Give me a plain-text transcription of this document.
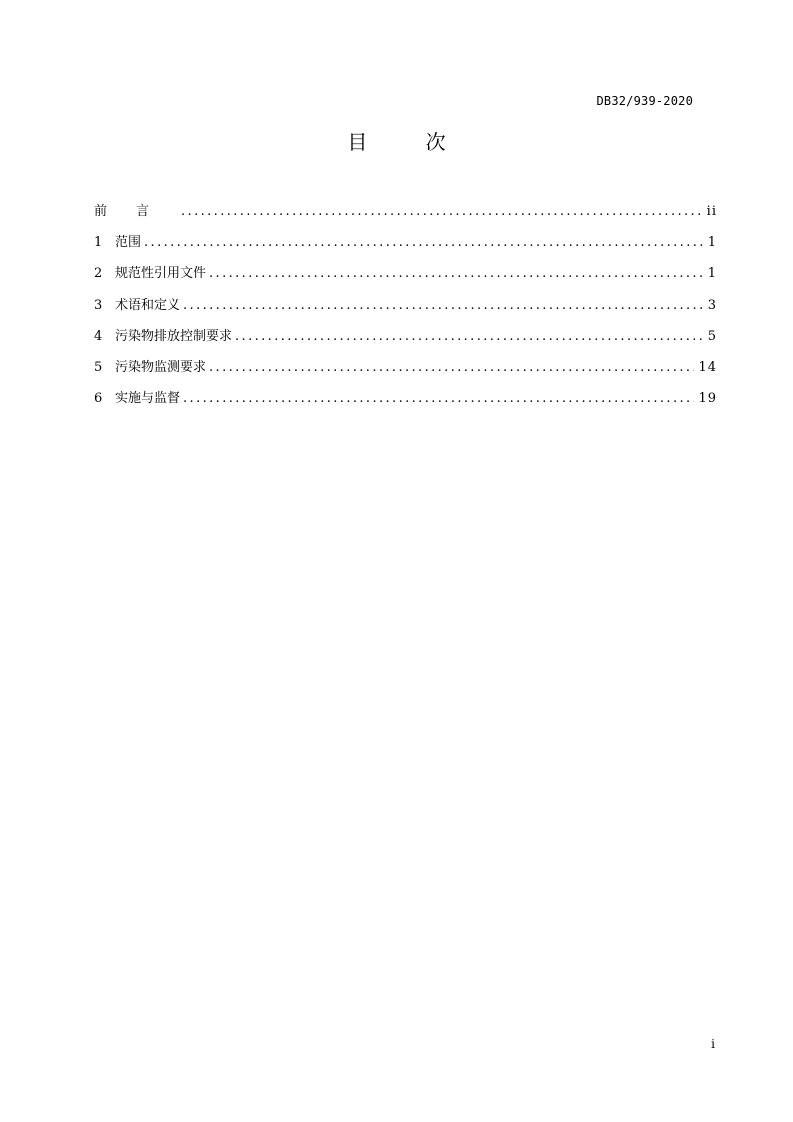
DB32/939-2020
目 次
前言 .....	ii
1 范围 .....	1
2 规范性引用文件 .....	1
3 术语和定义 .....	3
4 污染物排放控制要求 .....	5
5 污染物监测要求 .....	14
6 实施与监督 .....	19
i
